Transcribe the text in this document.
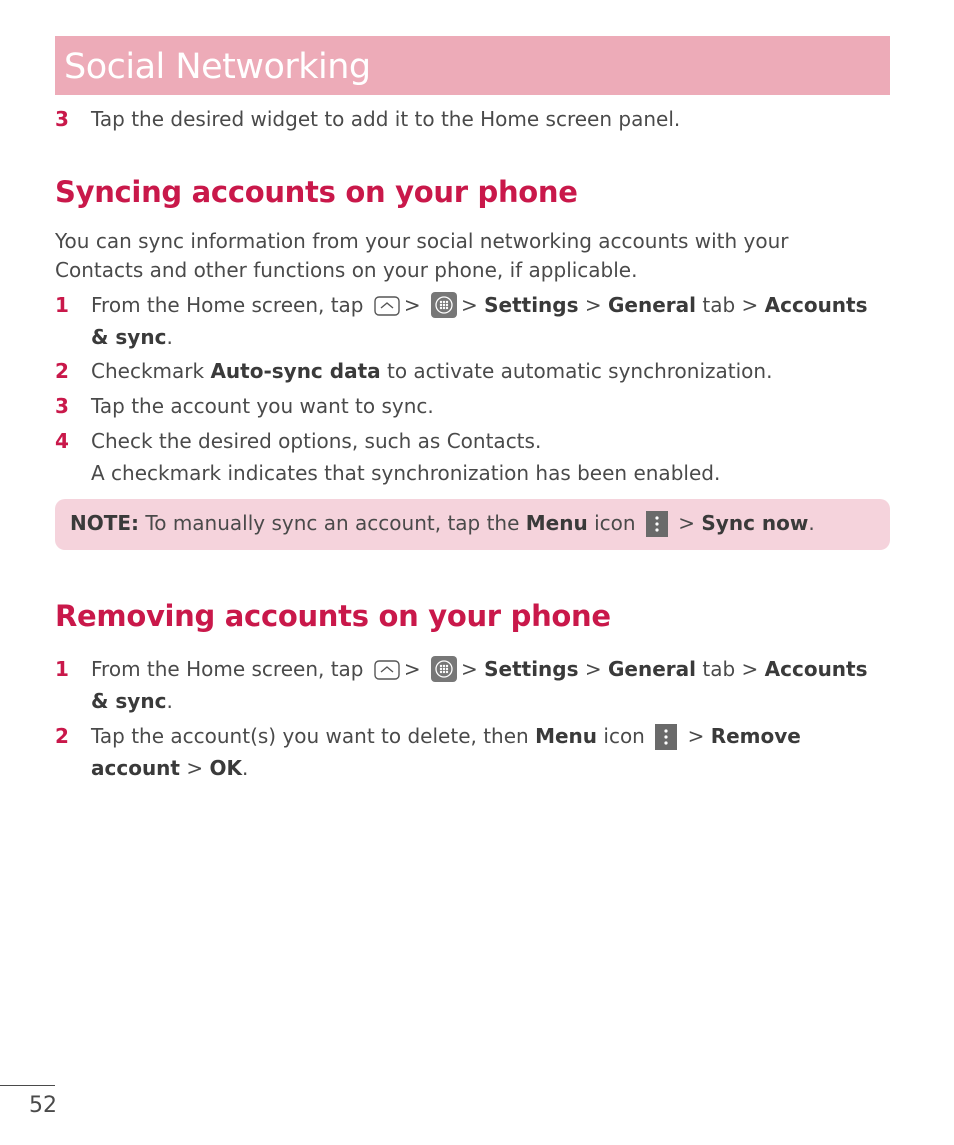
Social Networking
3	Tap the desired widget to add it to the Home screen panel.
Syncing accounts on your phone

You can sync information from your social networking accounts with your
Contacts and other functions on your phone, if applicable.

1	From the Home screen, tap > > Settings > General tab > Accounts
& sync.
2	Checkmark Auto-sync data to activate automatic synchronization.
3	Tap the account you want to sync.
4	Check the desired options, such as Contacts.
A checkmark indicates that synchronization has been enabled.
NOTE: To manually sync an account, tap the Menu icon > Sync now.
Removing accounts on your phone
1	From the Home screen, tap > > Settings > General tab > Accounts
& sync.
2	Tap the account(s) you want to delete, then Menu icon > Remove
account > OK.
52
